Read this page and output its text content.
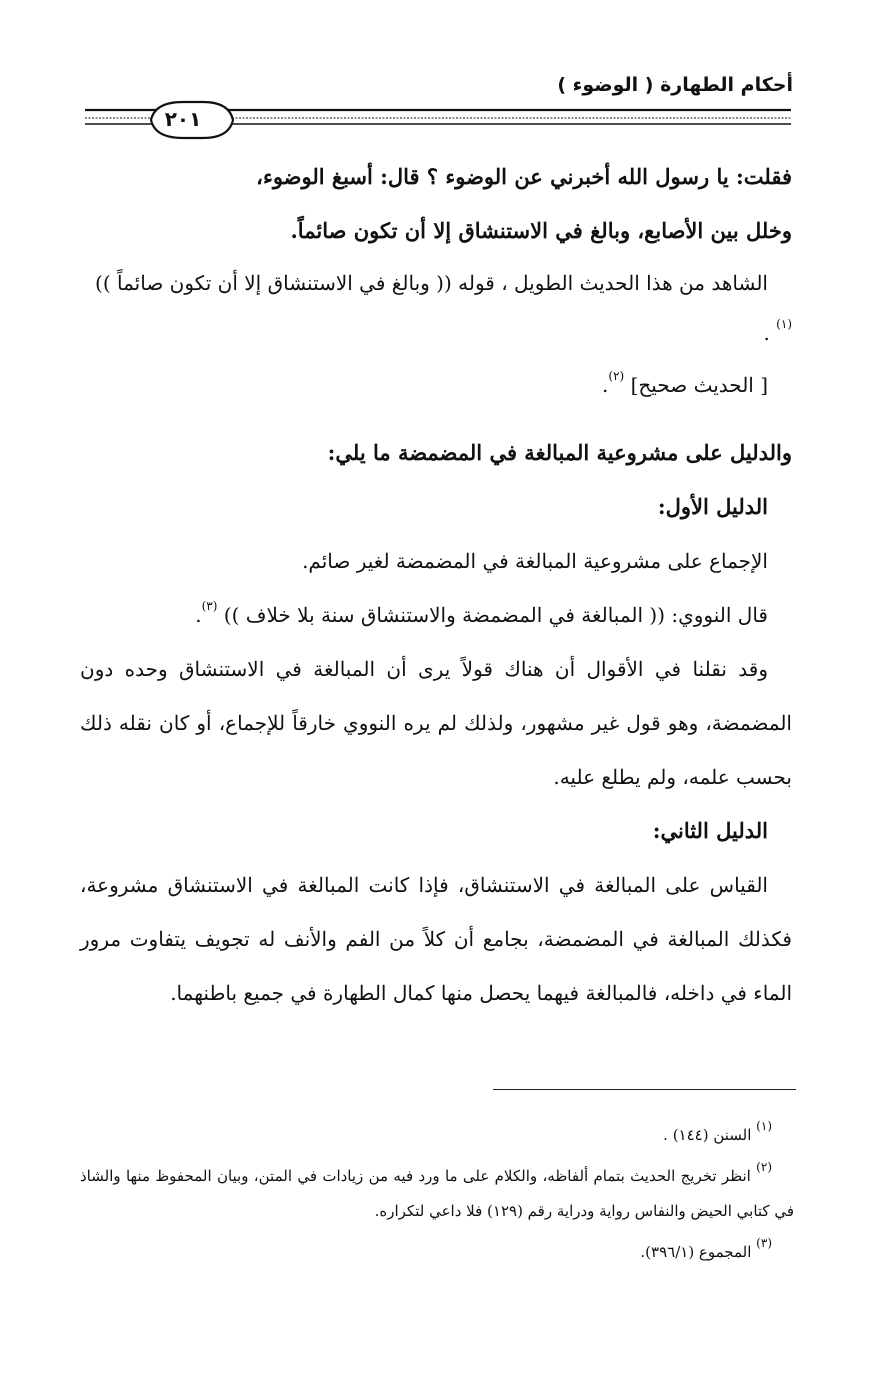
أحكام الطهارة ( الوضوء )
٢٠١

فقلت: يا رسول الله أخبرني عن الوضوء ؟ قال: أسبغ الوضوء،

وخلل بين الأصابع، وبالغ في الاستنشاق إلا أن تكون صائماً.

الشاهد من هذا الحديث الطويل ، قوله (( وبالغ في الاستنشاق إلا أن تكون صائماً )) $^{(١)}$ .

[ الحديث صحيح] $^{(٢)}$.

والدليل على مشروعية المبالغة في المضمضة ما يلي:

الدليل الأول:

الإجماع على مشروعية المبالغة في المضمضة لغير صائم.

قال النووي: (( المبالغة في المضمضة والاستنشاق سنة بلا خلاف )) $^{(٣)}$.

وقد نقلنا في الأقوال أن هناك قولاً يرى أن المبالغة في الاستنشاق وحده دون المضمضة، وهو قول غير مشهور، ولذلك لم يره النووي خارقاً للإجماع، أو كان نقله ذلك بحسب علمه، ولم يطلع عليه.

الدليل الثاني:

القياس على المبالغة في الاستنشاق، فإذا كانت المبالغة في الاستنشاق مشروعة، فكذلك المبالغة في المضمضة، بجامع أن كلاً من الفم والأنف له تجويف يتفاوت مرور الماء في داخله، فالمبالغة فيهما يحصل منها كمال الطهارة في جميع باطنهما.

$^{(١)}$ السنن (١٤٤) .

$^{(٢)}$ انظر تخريج الحديث بتمام ألفاظه، والكلام على ما ورد فيه من زيادات في المتن، وبيان المحفوظ منها والشاذ في كتابي الحيض والنفاس رواية ودراية رقم (١٢٩) فلا داعي لتكراره.

$^{(٣)}$ المجموع (٣٩٦/١).
